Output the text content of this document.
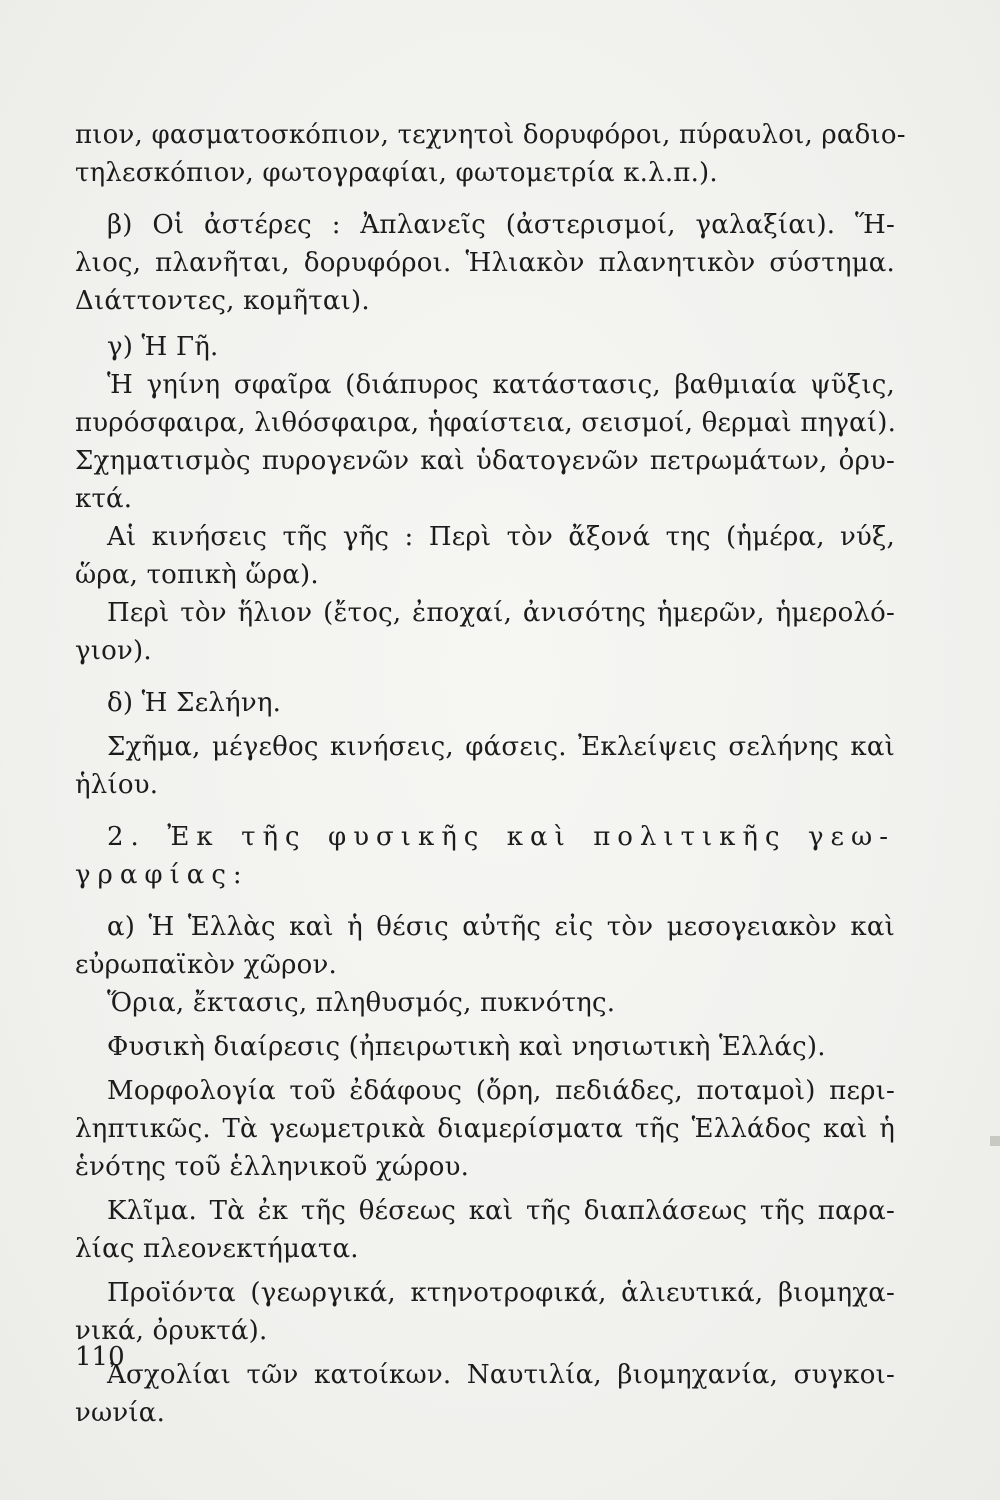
πιον, φασματοσκόπιον, τεχνητοὶ δορυφόροι, πύραυλοι, ραδιο-
τηλεσκόπιον, φωτογραφίαι, φωτομετρία κ.λ.π.).
β) Οἱ ἀστέρες : Ἀπλανεῖς (ἀστερισμοί, γαλαξίαι). Ἥ-
λιος, πλανῆται, δορυφόροι. Ἡλιακὸν πλανητικὸν σύστημα.
Διάττοντες, κομῆται).
γ) Ἡ Γῆ.
Ἡ γηίνη σφαῖρα (διάπυρος κατάστασις, βαθμιαία ψῦξις,
πυρόσφαιρα, λιθόσφαιρα, ἡφαίστεια, σεισμοί, θερμαὶ πηγαί).
Σχηματισμὸς πυρογενῶν καὶ ὑδατογενῶν πετρωμάτων, ὀρυ-
κτά.
Αἱ κινήσεις τῆς γῆς : Περὶ τὸν ἄξονά της (ἡμέρα, νύξ,
ὥρα, τοπικὴ ὥρα).
Περὶ τὸν ἥλιον (ἔτος, ἐποχαί, ἀνισότης ἡμερῶν, ἡμερολό-
γιον).
δ) Ἡ Σελήνη.
Σχῆμα, μέγεθος κινήσεις, φάσεις. Ἐκλείψεις σελήνης καὶ
ἡλίου.
2. Ἐκ τῆς φυσικῆς καὶ πολιτικῆς γεω-
γραφίας:
α) Ἡ Ἑλλὰς καὶ ἡ θέσις αὐτῆς εἰς τὸν μεσογειακὸν καὶ
εὐρωπαϊκὸν χῶρον.
Ὅρια, ἔκτασις, πληθυσμός, πυκνότης.
Φυσικὴ διαίρεσις (ἠπειρωτικὴ καὶ νησιωτικὴ Ἑλλάς).
Μορφολογία τοῦ ἐδάφους (ὄρη, πεδιάδες, ποταμοὶ) περι-
ληπτικῶς. Τὰ γεωμετρικὰ διαμερίσματα τῆς Ἑλλάδος καὶ ἡ
ἑνότης τοῦ ἑλληνικοῦ χώρου.
Κλῖμα. Τὰ ἐκ τῆς θέσεως καὶ τῆς διαπλάσεως τῆς παρα-
λίας πλεονεκτήματα.
Προϊόντα (γεωργικά, κτηνοτροφικά, ἁλιευτικά, βιομηχα-
νικά, ὀρυκτά).
Ἀσχολίαι τῶν κατοίκων. Ναυτιλία, βιομηχανία, συγκοι-
νωνία.
110
